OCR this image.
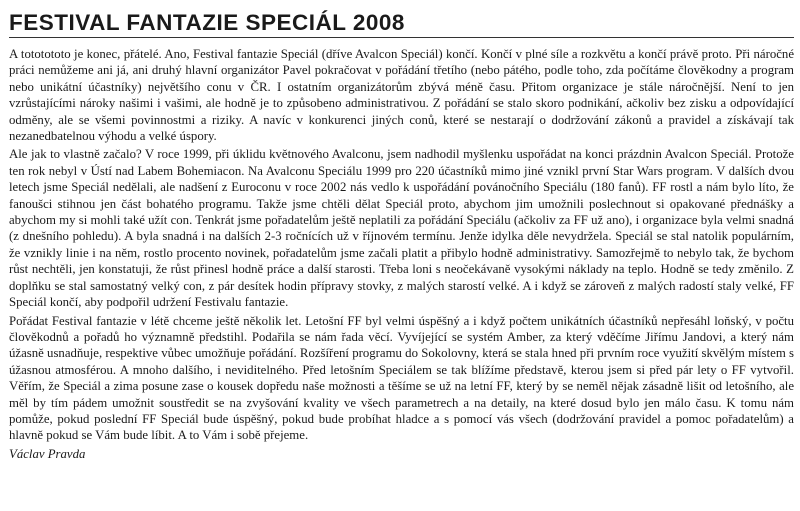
FESTIVAL FANTAZIE SPECIÁL 2008

A tototototo je konec, přátelé. Ano, Festival fantazie Speciál (dříve Avalcon Speciál) končí. Končí v plné síle a rozkvětu a končí právě proto. Při náročné práci nemůžeme ani já, ani druhý hlavní organizátor Pavel pokračovat v pořádání třetího (nebo pátého, podle toho, zda počítáme člověkodny a program nebo unikátní účastníky) největšího conu v ČR. I ostatním organizátorům zbývá méně času. Přitom organizace je stále náročnější. Není to jen vzrůstajícími nároky našimi i vašimi, ale hodně je to způsobeno administrativou. Z pořádání se stalo skoro podnikání, ačkoliv bez zisku a odpovídající odměny, ale se všemi povinnostmi a riziky. A navíc v konkurenci jiných conů, které se nestarají o dodržování zákonů a pravidel a získávají tak nezanedbatelnou výhodu a velké úspory.

Ale jak to vlastně začalo? V roce 1999, při úklidu květnového Avalconu, jsem nadhodil myšlenku uspořádat na konci prázdnin Avalcon Speciál. Protože ten rok nebyl v Ústí nad Labem Bohemiacon. Na Avalconu Speciálu 1999 pro 220 účastníků mimo jiné vznikl první Star Wars program. V dalších dvou letech jsme Speciál nedělali, ale nadšení z Euroconu v roce 2002 nás vedlo k uspořádání povánočního Speciálu (180 fanů). FF rostl a nám bylo líto, že fanoušci stihnou jen část bohatého programu. Takže jsme chtěli dělat Speciál proto, abychom jim umožnili poslechnout si opakované přednášky a abychom my si mohli také užít con. Tenkrát jsme pořadatelům ještě neplatili za pořádání Speciálu (ačkoliv za FF už ano), i organizace byla velmi snadná (z dnešního pohledu). A byla snadná i na dalších 2-3 ročnících už v říjnovém termínu. Jenže idylka děle nevydržela. Speciál se stal natolik populárním, že vznikly linie i na něm, rostlo procento novinek, pořadatelům jsme začali platit a přibylo hodně administrativy. Samozřejmě to nebylo tak, že bychom růst nechtěli, jen konstatuji, že růst přinesl hodně práce a další starosti. Třeba loni s neočekávaně vysokými náklady na teplo. Hodně se tedy změnilo. Z doplňku se stal samostatný velký con, z pár desítek hodin přípravy stovky, z malých starostí velké. A i když se zároveň z malých radostí staly velké, FF Speciál končí, aby podpořil udržení Festivalu fantazie.

Pořádat Festival fantazie v létě chceme ještě několik let. Letošní FF byl velmi úspěšný a i když počtem unikátních účastníků nepřesáhl loňský, v počtu člověkodnů a pořadů ho významně předstihl. Podařila se nám řada věcí. Vyvíjející se systém Amber, za který vděčíme Jiřímu Jandovi, a který nám úžasně usnadňuje, respektive vůbec umožňuje pořádání. Rozšíření programu do Sokolovny, která se stala hned při prvním roce využití skvělým místem s úžasnou atmosférou. A mnoho dalšího, i neviditelného. Před letošním Speciálem se tak blížíme představě, kterou jsem si před pár lety o FF vytvořil. Věřím, že Speciál a zima posune zase o kousek dopředu naše možnosti a těšíme se už na letní FF, který by se neměl nějak zásadně lišit od letošního, ale měl by tím pádem umožnit soustředit se na zvyšování kvality ve všech parametrech a na detaily, na které dosud bylo jen málo času. K tomu nám pomůže, pokud poslední FF Speciál bude úspěšný, pokud bude probíhat hladce a s pomocí vás všech (dodržování pravidel a pomoc pořadatelům) a hlavně pokud se Vám bude líbit. A to Vám i sobě přejeme.

Václav Pravda
